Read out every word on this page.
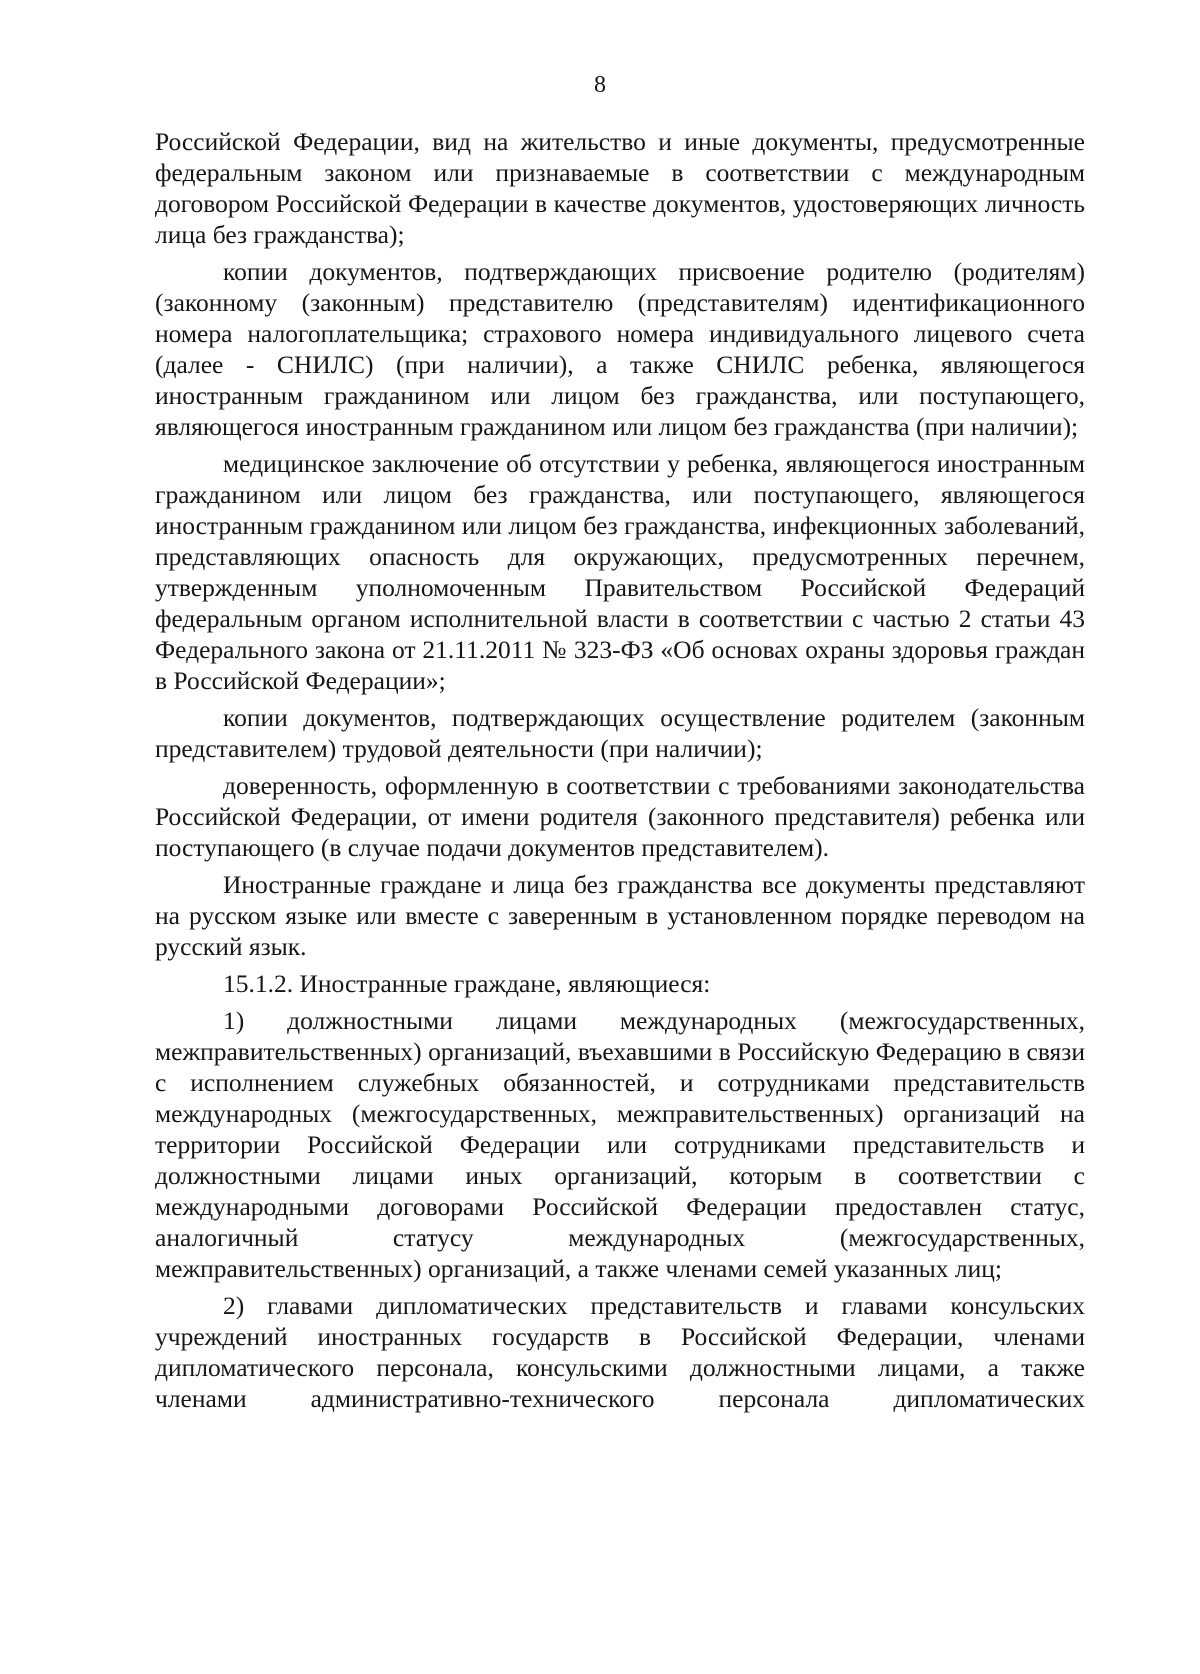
8

Российской Федерации, вид на жительство и иные документы, предусмотренные федеральным законом или признаваемые в соответствии с международным договором Российской Федерации в качестве документов, удостоверяющих личность лица без гражданства);

копии документов, подтверждающих присвоение родителю (родителям) (законному (законным) представителю (представителям) идентификационного номера налогоплательщика; страхового номера индивидуального лицевого счета (далее - СНИЛС) (при наличии), а также СНИЛС ребенка, являющегося иностранным гражданином или лицом без гражданства, или поступающего, являющегося иностранным гражданином или лицом без гражданства (при наличии);

медицинское заключение об отсутствии у ребенка, являющегося иностранным гражданином или лицом без гражданства, или поступающего, являющегося иностранным гражданином или лицом без гражданства, инфекционных заболеваний, представляющих опасность для окружающих, предусмотренных перечнем, утвержденным уполномоченным Правительством Российской Федераций федеральным органом исполнительной власти в соответствии с частью 2 статьи 43 Федерального закона от 21.11.2011 № 323-ФЗ «Об основах охраны здоровья граждан в Российской Федерации»;

копии документов, подтверждающих осуществление родителем (законным представителем) трудовой деятельности (при наличии);

доверенность, оформленную в соответствии с требованиями законодательства Российской Федерации, от имени родителя (законного представителя) ребенка или поступающего (в случае подачи документов представителем).

Иностранные граждане и лица без гражданства все документы представляют на русском языке или вместе с заверенным в установленном порядке переводом на русский язык.

15.1.2. Иностранные граждане, являющиеся:

1) должностными лицами международных (межгосударственных, межправительственных) организаций, въехавшими в Российскую Федерацию в связи с исполнением служебных обязанностей, и сотрудниками представительств международных (межгосударственных, межправительственных) организаций на территории Российской Федерации или сотрудниками представительств и должностными лицами иных организаций, которым в соответствии с международными договорами Российской Федерации предоставлен статус, аналогичный статусу международных (межгосударственных, межправительственных) организаций, а также членами семей указанных лиц;

2) главами дипломатических представительств и главами консульских учреждений иностранных государств в Российской Федерации, членами дипломатического персонала, консульскими должностными лицами, а также членами административно-технического персонала дипломатических
